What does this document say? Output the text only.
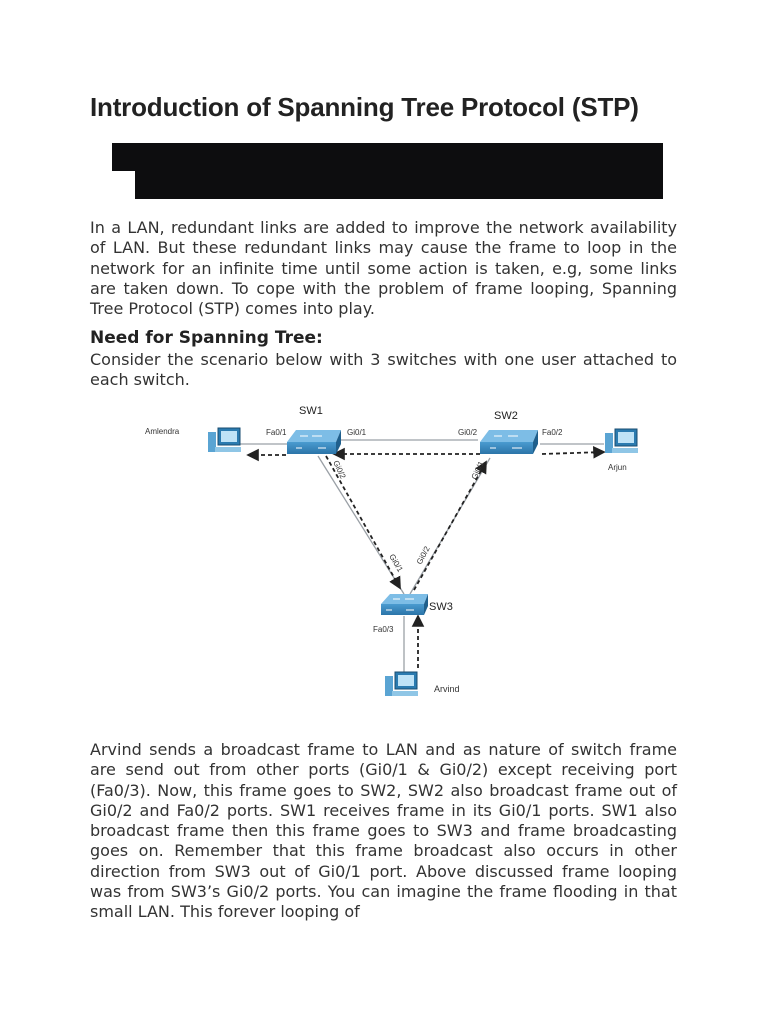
Introduction of Spanning Tree Protocol (STP)

In a LAN, redundant links are added to improve the network availability of LAN. But these redundant links may cause the frame to loop in the network for an infinite time until some action is taken, e.g, some links are taken down. To cope with the problem of frame looping, Spanning Tree Protocol (STP) comes into play.

Need for Spanning Tree:

Consider the scenario below with 3 switches with one user attached to each switch.

SW1	SW2
SW3
Amlendra
Arjun
Arvind
Fa0/1	Gi0/1	Gi0/2	Fa0/2
Fa0/3
Gi0/2	Gi0/1
Gi0/1 Gi0/2

Arvind sends a broadcast frame to LAN and as nature of switch frame are send out from other ports (Gi0/1 & Gi0/2) except receiving port (Fa0/3). Now, this frame goes to SW2, SW2 also broadcast frame out of Gi0/2 and Fa0/2 ports. SW1 receives frame in its Gi0/1 ports. SW1 also broadcast frame then this frame goes to SW3 and frame broadcasting goes on. Remember that this frame broadcast also occurs in other direction from SW3 out of Gi0/1 port. Above discussed frame looping was from SW3’s Gi0/2 ports. You can imagine the frame flooding in that small LAN. This forever looping of
